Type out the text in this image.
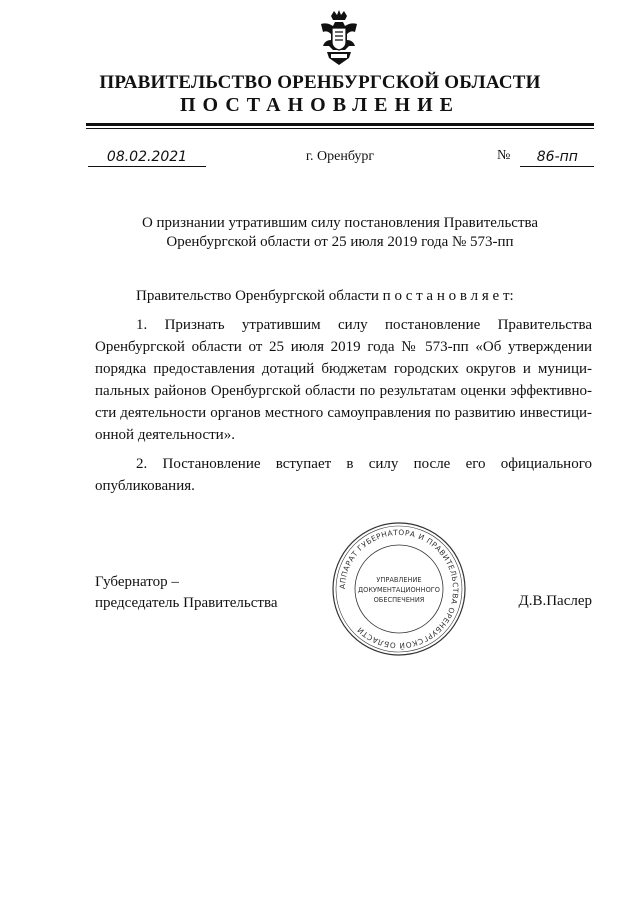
ПРАВИТЕЛЬСТВО ОРЕНБУРГСКОЙ ОБЛАСТИ
ПОСТАНОВЛЕНИЕ
08.02.2021	г. Оренбург	№	86-пп
О признании утратившим силу постановления Правительства
Оренбургской области от 25 июля 2019 года № 573-пп

Правительство Оренбургской области п о с т а н о в л я е т:

1. Признать утратившим силу постановление Правительства
Оренбургской области от 25 июля 2019 года № 573-пп «Об утверждении
порядка предоставления дотаций бюджетам городских округов и муници-
пальных районов Оренбургской области по результатам оценки эффективно-
сти деятельности органов местного самоуправления по развитию инвестици-
онной деятельности».
2. Постановление вступает в силу после его официального
опубликования.
Губернатор –
председатель Правительства	Д.В.Паслер
АППАРАТ ГУБЕРНАТОРА И ПРАВИТЕЛЬСТВА ОРЕНБУРГСКОЙ ОБЛАСТИ
УПРАВЛЕНИЕ
ДОКУМЕНТАЦИОННОГО
ОБЕСПЕЧЕНИЯ
